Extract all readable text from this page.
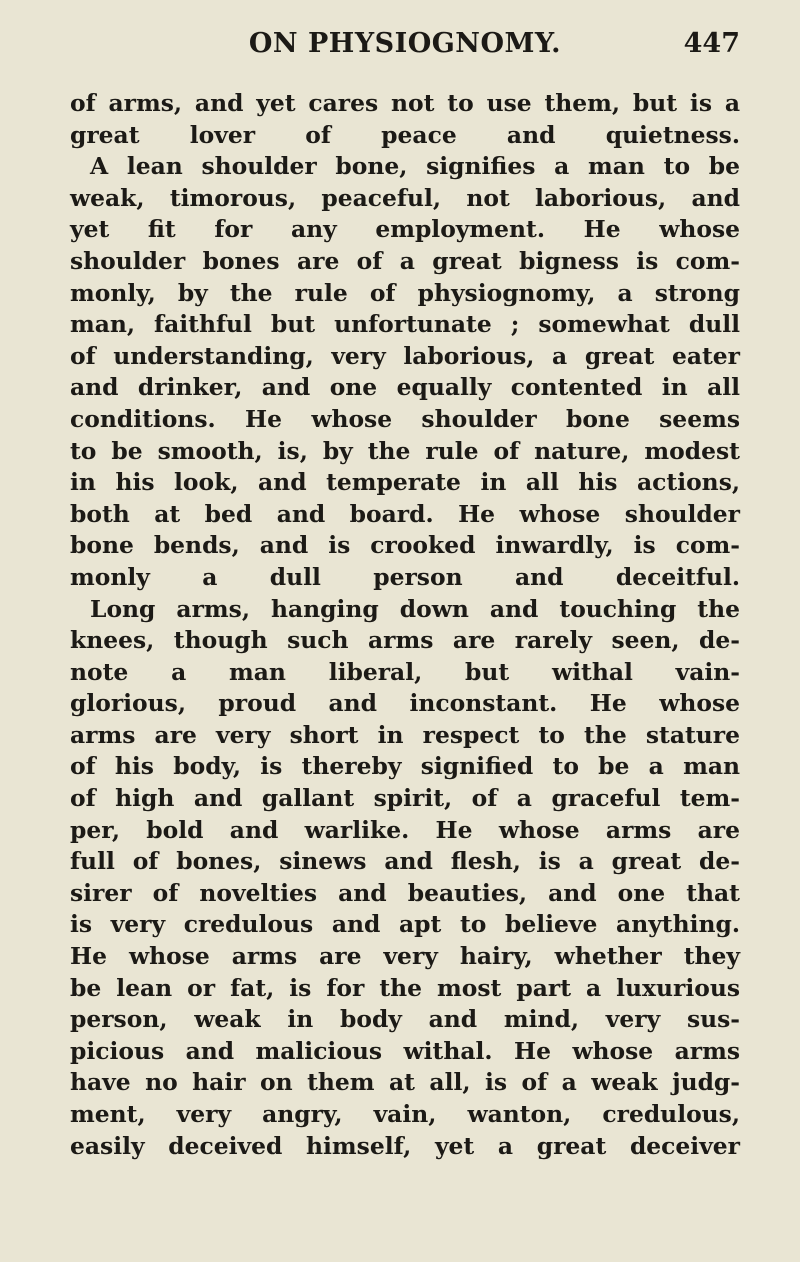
ON PHYSIOGNOMY.	447
of arms, and yet cares not to use them, but is a
great lover of peace and quietness.
A lean shoulder bone, signifies a man to be
weak, timorous, peaceful, not laborious, and
yet fit for any employment. He whose
shoulder bones are of a great bigness is com-
monly, by the rule of physiognomy, a strong
man, faithful but unfortunate ; somewhat dull
of understanding, very laborious, a great eater
and drinker, and one equally contented in all
conditions. He whose shoulder bone seems
to be smooth, is, by the rule of nature, modest
in his look, and temperate in all his actions,
both at bed and board. He whose shoulder
bone bends, and is crooked inwardly, is com-
monly a dull person and deceitful.
Long arms, hanging down and touching the
knees, though such arms are rarely seen, de-
note a man liberal, but withal vain-
glorious, proud and inconstant. He whose
arms are very short in respect to the stature
of his body, is thereby signified to be a man
of high and gallant spirit, of a graceful tem-
per, bold and warlike. He whose arms are
full of bones, sinews and flesh, is a great de-
sirer of novelties and beauties, and one that
is very credulous and apt to believe anything.
He whose arms are very hairy, whether they
be lean or fat, is for the most part a luxurious
person, weak in body and mind, very sus-
picious and malicious withal. He whose arms
have no hair on them at all, is of a weak judg-
ment, very angry, vain, wanton, credulous,
easily deceived himself, yet a great deceiver
